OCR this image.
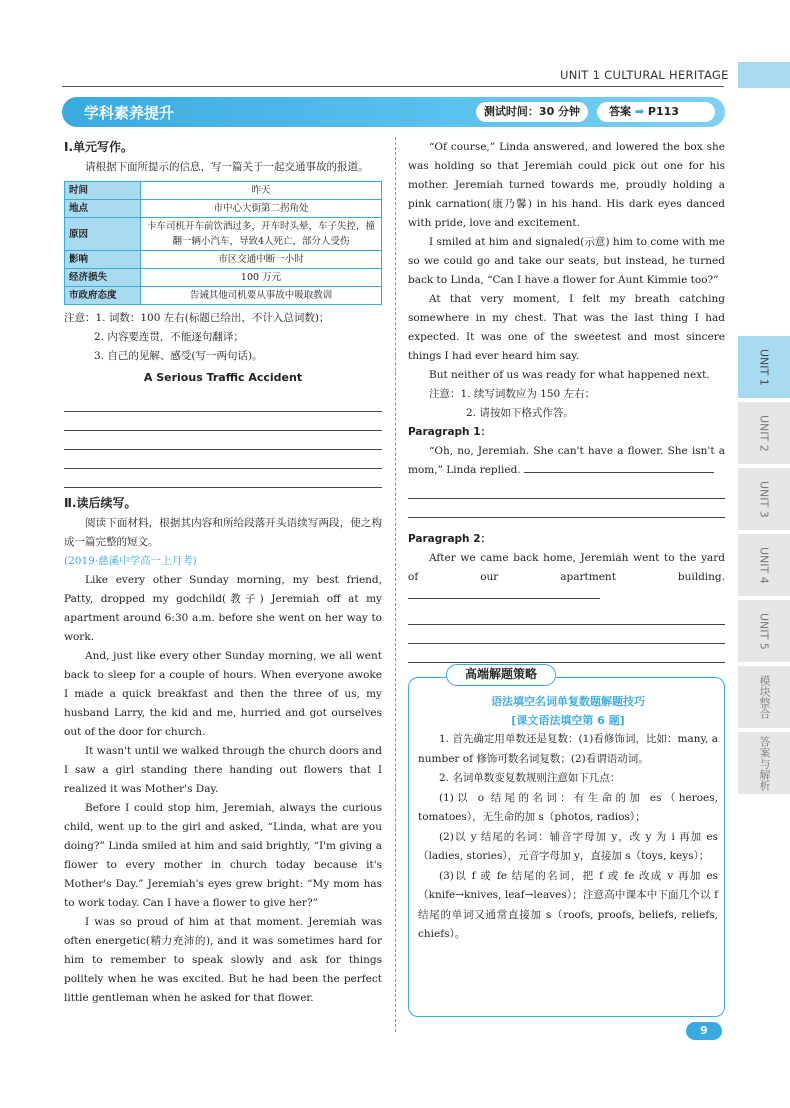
UNIT 1 CULTURAL HERITAGE
UNIT 1
UNIT 2
UNIT 3
UNIT 4
UNIT 5
模块整合
答案与解析
学科素养提升	测试时间：30 分钟	答案 ➡ P113
Ⅰ.单元写作。
请根据下面所提示的信息，写一篇关于一起交通事故的报道。
时间	昨天
地点	市中心大街第二拐角处
原因	卡车司机开车前饮酒过多，开车时头晕，车子失控，撞翻一辆小汽车，导致4人死亡，部分人受伤
影响	市区交通中断一小时
经济损失	100 万元
市政府态度	告诫其他司机要从事故中吸取教训
注意：1. 词数：100 左右(标题已给出，不计入总词数)；
2. 内容要连贯，不能逐句翻译；
3. 自己的见解、感受(写一两句话)。
A Serious Traffic Accident
Ⅱ.读后续写。
阅读下面材料，根据其内容和所给段落开头语续写两段，使之构成一篇完整的短文。
(2019·慈溪中学高一上月考)
Like every other Sunday morning, my best friend, Patty, dropped my godchild(教子) Jeremiah off at my apartment around 6:30 a.m. before she went on her way to work.
And, just like every other Sunday morning, we all went back to sleep for a couple of hours. When everyone awoke I made a quick breakfast and then the three of us, my husband Larry, the kid and me, hurried and got ourselves out of the door for church.
It wasn't until we walked through the church doors and I saw a girl standing there handing out flowers that I realized it was Mother's Day.
Before I could stop him, Jeremiah, always the curious child, went up to the girl and asked, “Linda, what are you doing?” Linda smiled at him and said brightly, “I'm giving a flower to every mother in church today because it's Mother's Day.” Jeremiah's eyes grew bright: “My mom has to work today. Can I have a flower to give her?”
I was so proud of him at that moment. Jeremiah was often energetic(精力充沛的), and it was sometimes hard for him to remember to speak slowly and ask for things politely when he was excited. But he had been the perfect little gentleman when he asked for that flower.
“Of course,” Linda answered, and lowered the box she was holding so that Jeremiah could pick out one for his mother. Jeremiah turned towards me, proudly holding a pink carnation(康乃馨) in his hand. His dark eyes danced with pride, love and excitement.
I smiled at him and signaled(示意) him to come with me so we could go and take our seats, but instead, he turned back to Linda, “Can I have a flower for Aunt Kimmie too?”
At that very moment, I felt my breath catching somewhere in my chest. That was the last thing I had expected. It was one of the sweetest and most sincere things I had ever heard him say.
But neither of us was ready for what happened next.
注意：1. 续写词数应为 150 左右；
2. 请按如下格式作答。
Paragraph 1：
“Oh, no, Jeremiah. She can't have a flower. She isn't a mom,” Linda replied.
Paragraph 2：
After we came back home, Jeremiah went to the yard of our apartment building.
高端解题策略
语法填空名词单复数题解题技巧
[课文语法填空第 6 题]
1. 首先确定用单数还是复数：(1)看修饰词，比如：many, a number of 修饰可数名词复数；(2)看谓语动词。
2. 名词单数变复数规则注意如下几点：
(1)以 o 结尾的名词：有生命的加 es（heroes, tomatoes），无生命的加 s（photos, radios）；
(2)以 y 结尾的名词：辅音字母加 y，改 y 为 i 再加 es（ladies, stories），元音字母加 y，直接加 s（toys, keys）；
(3)以 f 或 fe 结尾的名词，把 f 或 fe 改成 v 再加 es（knife→knives, leaf→leaves）；注意高中课本中下面几个以 f 结尾的单词又通常直接加 s（roofs, proofs, beliefs, reliefs, chiefs）。
9
